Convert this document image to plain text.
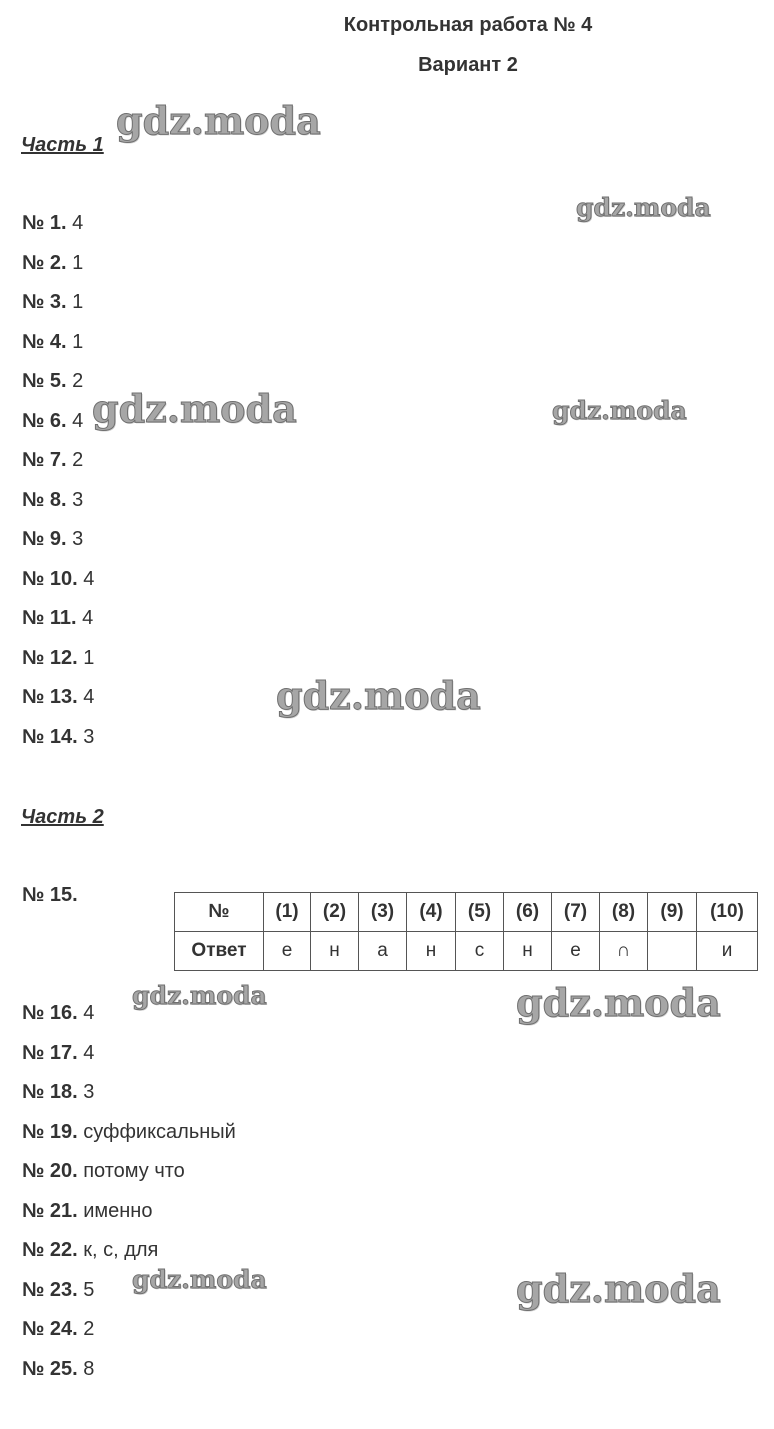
Контрольная работа № 4
Вариант 2
Часть 1
№ 1. 4
№ 2. 1
№ 3. 1
№ 4. 1
№ 5. 2
№ 6. 4
№ 7. 2
№ 8. 3
№ 9. 3
№ 10. 4
№ 11. 4
№ 12. 1
№ 13. 4
№ 14. 3
Часть 2
№ 15.
№	(1)	(2)	(3)	(4)	(5)	(6)	(7)	(8)	(9)	(10)
Ответ	е	н	а	н	с	н	е	∩		и
№ 16. 4
№ 17. 4
№ 18. 3
№ 19. суффиксальный
№ 20. потому что
№ 21. именно
№ 22. к, с, для
№ 23. 5
№ 24. 2
№ 25. 8
gdz.moda
gdz.moda
gdz.moda	gdz.moda
gdz.moda
gdz.moda	gdz.moda
gdz.moda	gdz.moda
